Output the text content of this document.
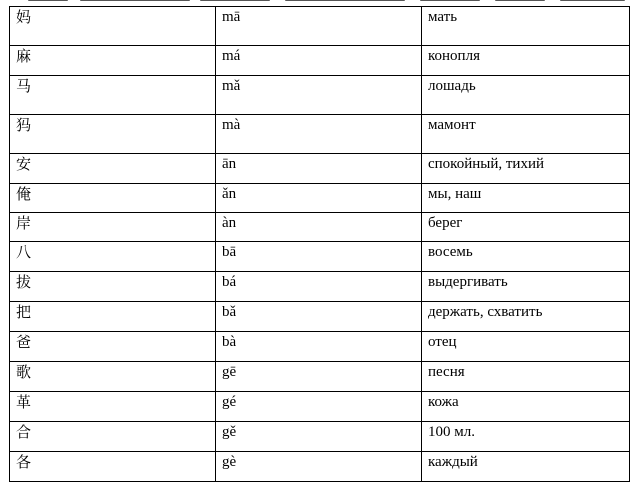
妈	mā	мать
麻	má	конопля
马	mǎ	лошадь
犸	mà	мамонт
安	ān	спокойный, тихий
俺	ǎn	мы, наш
岸	àn	берег
八	bā	восемь
拔	bá	выдергивать
把	bǎ	держать, схватить
爸	bà	отец
歌	gē	песня
革	gé	кожа
合	gě	100 мл.
各	gè	каждый
